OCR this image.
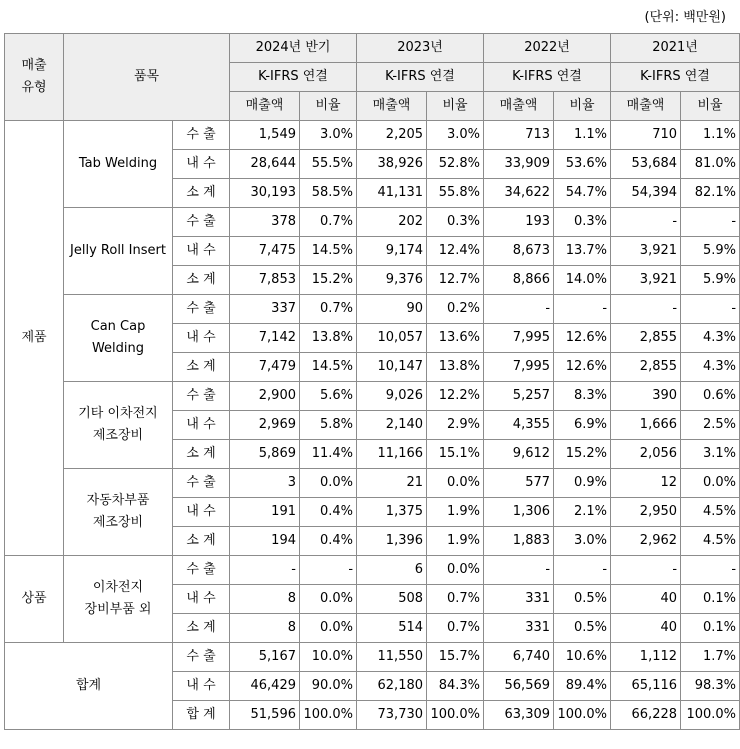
(단위: 백만원)
매출
유형	품목		2024년 반기		2023년		2022년		2021년	
			K-IFRS 연결		K-IFRS 연결		K-IFRS 연결		K-IFRS 연결	
			매출액	비율	매출액	비율	매출액	비율	매출액	비율
제품	Tab Welding	수 출	1,549	3.0%	2,205	3.0%	713	1.1%	710	1.1%
		내 수	28,644	55.5%	38,926	52.8%	33,909	53.6%	53,684	81.0%
		소 계	30,193	58.5%	41,131	55.8%	34,622	54.7%	54,394	82.1%
	Jelly Roll Insert	수 출	378	0.7%	202	0.3%	193	0.3%	-	-
		내 수	7,475	14.5%	9,174	12.4%	8,673	13.7%	3,921	5.9%
		소 계	7,853	15.2%	9,376	12.7%	8,866	14.0%	3,921	5.9%
	Can Cap
Welding	수 출	337	0.7%	90	0.2%	-	-	-	-
		내 수	7,142	13.8%	10,057	13.6%	7,995	12.6%	2,855	4.3%
		소 계	7,479	14.5%	10,147	13.8%	7,995	12.6%	2,855	4.3%
	기타 이차전지
제조장비	수 출	2,900	5.6%	9,026	12.2%	5,257	8.3%	390	0.6%
		내 수	2,969	5.8%	2,140	2.9%	4,355	6.9%	1,666	2.5%
		소 계	5,869	11.4%	11,166	15.1%	9,612	15.2%	2,056	3.1%
	자동차부품
제조장비	수 출	3	0.0%	21	0.0%	577	0.9%	12	0.0%
		내 수	191	0.4%	1,375	1.9%	1,306	2.1%	2,950	4.5%
		소 계	194	0.4%	1,396	1.9%	1,883	3.0%	2,962	4.5%
상품	이차전지
장비부품 외	수 출	-	-	6	0.0%	-	-	-	-
		내 수	8	0.0%	508	0.7%	331	0.5%	40	0.1%
		소 계	8	0.0%	514	0.7%	331	0.5%	40	0.1%
합계		수 출	5,167	10.0%	11,550	15.7%	6,740	10.6%	1,112	1.7%
		내 수	46,429	90.0%	62,180	84.3%	56,569	89.4%	65,116	98.3%
		합 계	51,596	100.0%	73,730	100.0%	63,309	100.0%	66,228	100.0%
